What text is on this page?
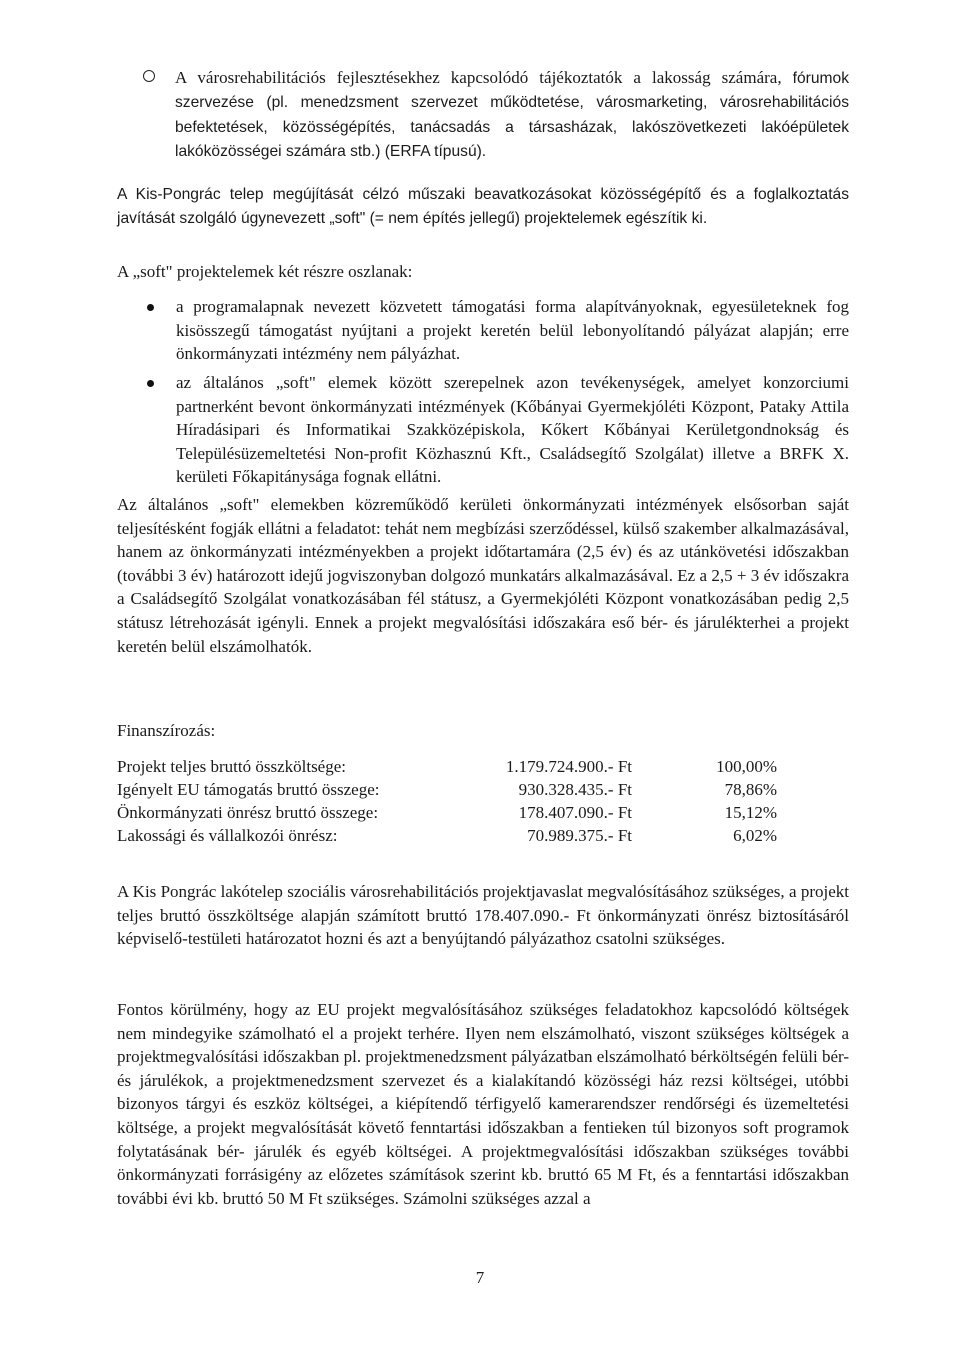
A városrehabilitációs fejlesztésekhez kapcsolódó tájékoztatók a lakosság számára, fórumok szervezése (pl. menedzsment szervezet működtetése, városmarketing, városrehabilitációs befektetések, közösségépítés, tanácsadás a társasházak, lakószövetkezeti lakóépületek lakóközösségei számára stb.) (ERFA típusú).

A Kis-Pongrác telep megújítását célzó műszaki beavatkozásokat közösségépítő és a foglalkoztatás javítását szolgáló úgynevezett „soft" (= nem építés jellegű) projektelemek egészítik ki.

A „soft" projektelemek két részre oszlanak:

a programalapnak nevezett közvetett támogatási forma alapítványoknak, egyesületeknek fog kisösszegű támogatást nyújtani a projekt keretén belül lebonyolítandó pályázat alapján; erre önkormányzati intézmény nem pályázhat.

az általános „soft" elemek között szerepelnek azon tevékenységek, amelyet konzorciumi partnerként bevont önkormányzati intézmények (Kőbányai Gyermekjóléti Központ, Pataky Attila Híradásipari és Informatikai Szakközépiskola, Kőkert Kőbányai Kerületgondnokság és Településüzemeltetési Non-profit Közhasznú Kft., Családsegítő Szolgálat) illetve a BRFK X. kerületi Főkapitánysága fognak ellátni.

Az általános „soft" elemekben közreműködő kerületi önkormányzati intézmények elsősorban saját teljesítésként fogják ellátni a feladatot: tehát nem megbízási szerződéssel, külső szakember alkalmazásával, hanem az önkormányzati intézményekben a projekt időtartamára (2,5 év) és az utánkövetési időszakban (további 3 év) határozott idejű jogviszonyban dolgozó munkatárs alkalmazásával. Ez a 2,5 + 3 év időszakra a Családsegítő Szolgálat vonatkozásában fél státusz, a Gyermekjóléti Központ vonatkozásában pedig 2,5 státusz létrehozását igényli. Ennek a projekt megvalósítási időszakára eső bér- és járulékterhei a projekt keretén belül elszámolhatók.

Finanszírozás:

Projekt teljes bruttó összköltsége:	1.179.724.900.- Ft	100,00%
Igényelt EU támogatás bruttó összege:	930.328.435.- Ft	78,86%
Önkormányzati önrész bruttó összege:	178.407.090.- Ft	15,12%
Lakossági és vállalkozói önrész:	70.989.375.- Ft	6,02%

A Kis Pongrác lakótelep szociális városrehabilitációs projektjavaslat megvalósításához szükséges, a projekt teljes bruttó összköltsége alapján számított bruttó 178.407.090.- Ft önkormányzati önrész biztosításáról képviselő-testületi határozatot hozni és azt a benyújtandó pályázathoz csatolni szükséges.

Fontos körülmény, hogy az EU projekt megvalósításához szükséges feladatokhoz kapcsolódó költségek nem mindegyike számolható el a projekt terhére. Ilyen nem elszámolható, viszont szükséges költségek a projektmegvalósítási időszakban pl. projektmenedzsment pályázatban elszámolható bérköltségén felüli bér- és járulékok, a projektmenedzsment szervezet és a kialakítandó közösségi ház rezsi költségei, utóbbi bizonyos tárgyi és eszköz költségei, a kiépítendő térfigyelő kamerarendszer rendőrségi és üzemeltetési költsége, a projekt megvalósítását követő fenntartási időszakban a fentieken túl bizonyos soft programok folytatásának bér- járulék és egyéb költségei. A projektmegvalósítási időszakban szükséges további önkormányzati forrásigény az előzetes számítások szerint kb. bruttó 65 M Ft, és a fenntartási időszakban további évi kb. bruttó 50 M Ft szükséges. Számolni szükséges azzal a

7
